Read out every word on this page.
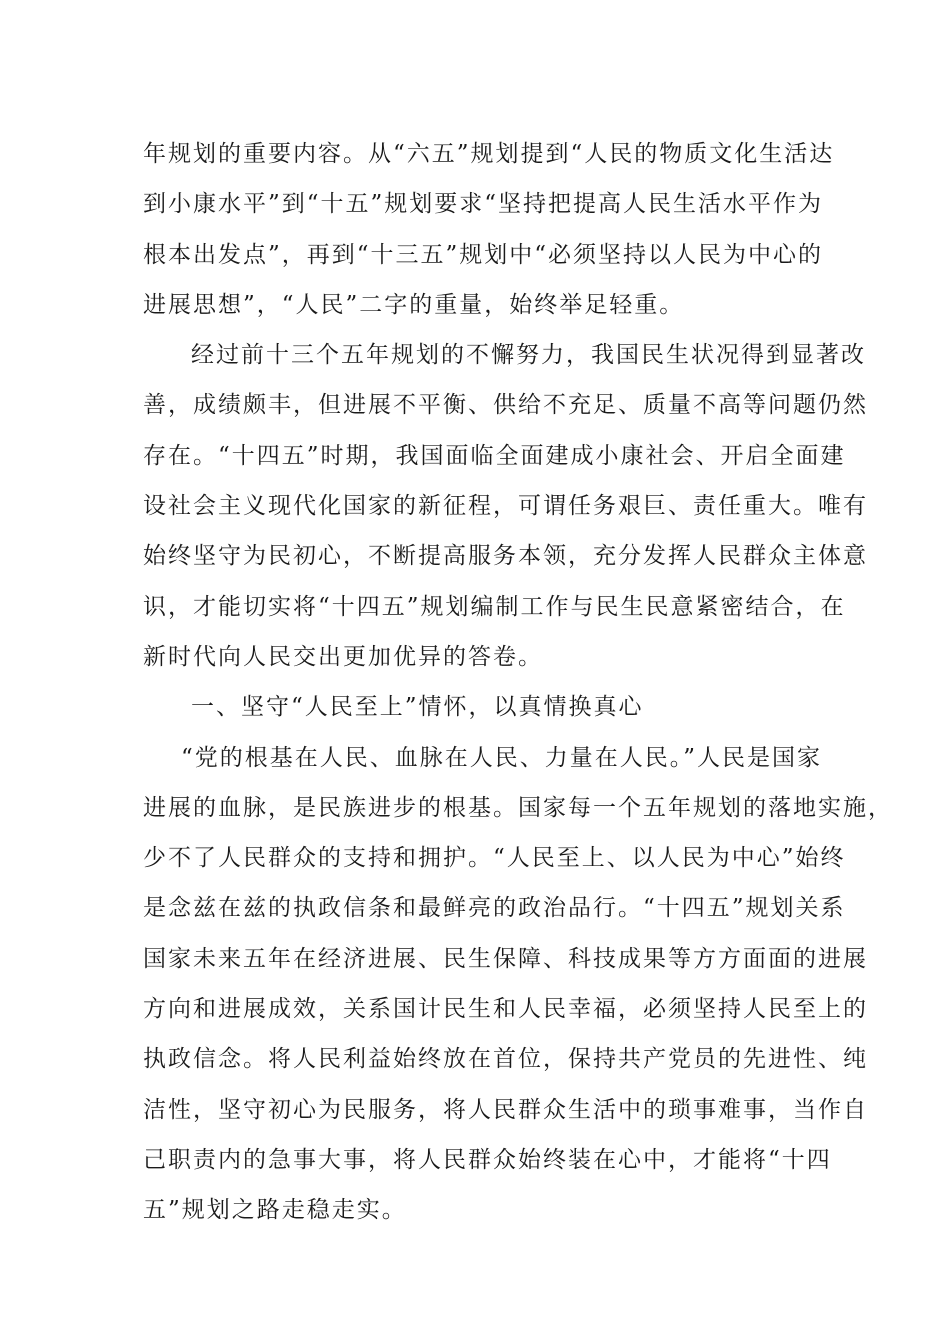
年规划的重要内容。从“六五”规划提到“人民的物质文化生活达
到小康水平”到“十五”规划要求“坚持把提高人民生活水平作为
根本出发点”，再到“十三五”规划中“必须坚持以人民为中心的
进展思想”，“人民”二字的重量，始终举足轻重。
经过前十三个五年规划的不懈努力，我国民生状况得到显著改
善，成绩颇丰，但进展不平衡、供给不充足、质量不高等问题仍然
存在。“十四五”时期，我国面临全面建成小康社会、开启全面建
设社会主义现代化国家的新征程，可谓任务艰巨、责任重大。唯有
始终坚守为民初心，不断提高服务本领，充分发挥人民群众主体意
识，才能切实将“十四五”规划编制工作与民生民意紧密结合，在
新时代向人民交出更加优异的答卷。
一、坚守“人民至上”情怀，以真情换真心
“党的根基在人民、血脉在人民、力量在人民。”人民是国家
进展的血脉，是民族进步的根基。国家每一个五年规划的落地实施，
少不了人民群众的支持和拥护。“人民至上、以人民为中心”始终
是念兹在兹的执政信条和最鲜亮的政治品行。“十四五”规划关系
国家未来五年在经济进展、民生保障、科技成果等方方面面的进展
方向和进展成效，关系国计民生和人民幸福，必须坚持人民至上的
执政信念。将人民利益始终放在首位，保持共产党员的先进性、纯
洁性，坚守初心为民服务，将人民群众生活中的琐事难事，当作自
己职责内的急事大事，将人民群众始终装在心中，才能将“十四
五”规划之路走稳走实。
